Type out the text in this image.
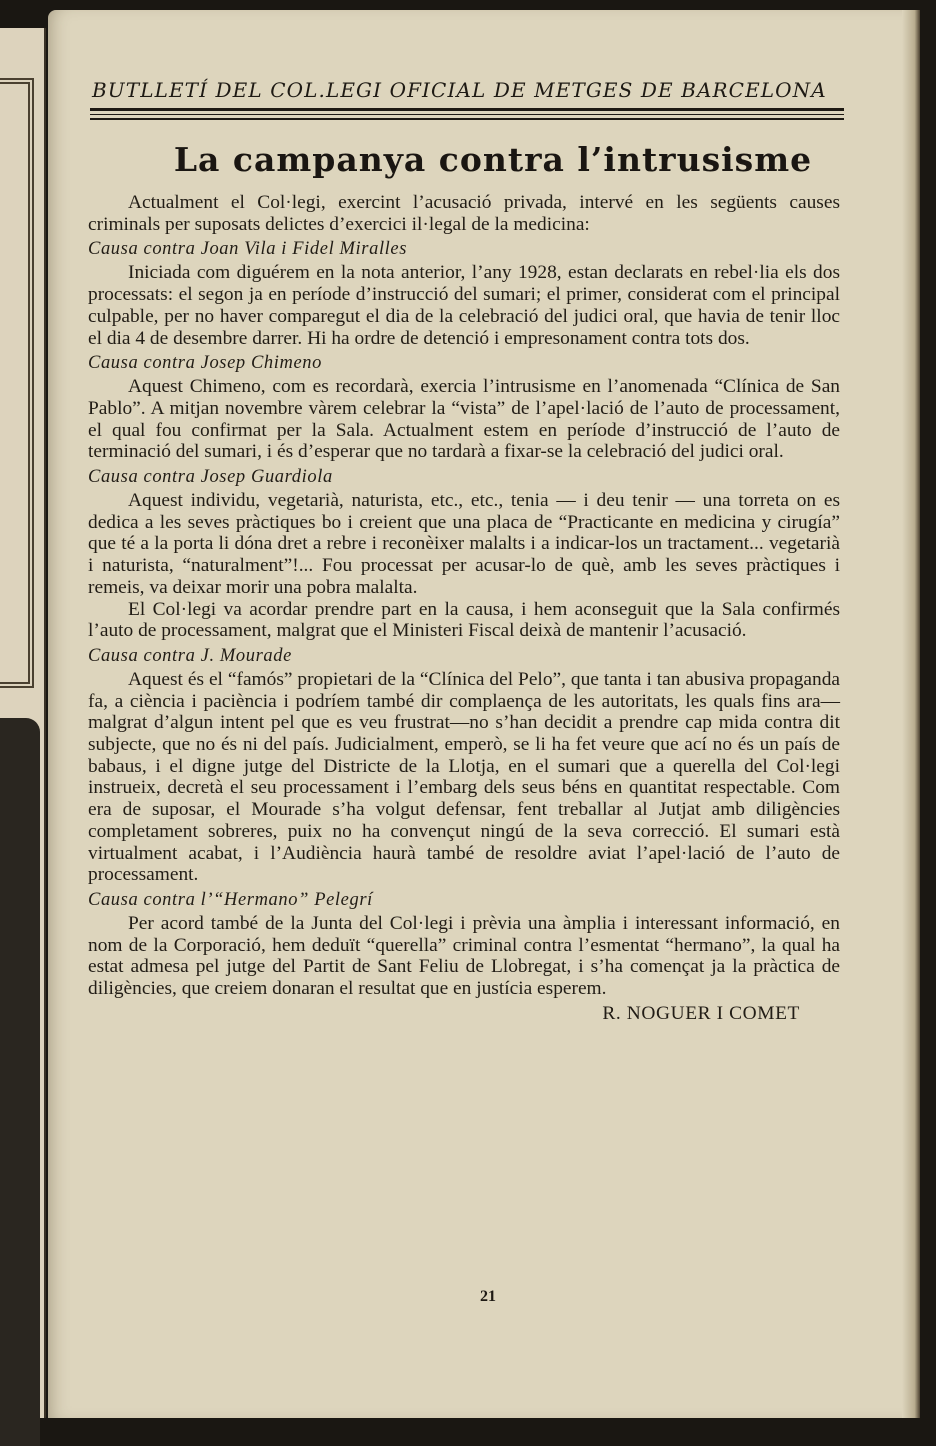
BUTLLETÍ DEL COL.LEGI OFICIAL DE METGES DE BARCELONA
La campanya contra l’intrusisme

Actualment el Col·legi, exercint l’acusació privada, intervé en les següents causes criminals per suposats delictes d’exercici il·legal de la medicina:

Causa contra Joan Vila i Fidel Miralles

Iniciada com diguérem en la nota anterior, l’any 1928, estan declarats en rebel·lia els dos processats: el segon ja en període d’instrucció del sumari; el primer, considerat com el principal culpable, per no haver comparegut el dia de la celebració del judici oral, que havia de tenir lloc el dia 4 de desembre darrer. Hi ha ordre de detenció i empresonament contra tots dos.

Causa contra Josep Chimeno

Aquest Chimeno, com es recordarà, exercia l’intrusisme en l’anomenada “Clínica de San Pablo”. A mitjan novembre vàrem celebrar la “vista” de l’apel·lació de l’auto de processament, el qual fou confirmat per la Sala. Actualment estem en període d’instrucció de l’auto de terminació del sumari, i és d’esperar que no tardarà a fixar-se la celebració del judici oral.

Causa contra Josep Guardiola

Aquest individu, vegetarià, naturista, etc., etc., tenia — i deu tenir — una torreta on es dedica a les seves pràctiques bo i creient que una placa de “Practicante en medicina y cirugía” que té a la porta li dóna dret a rebre i reconèixer malalts i a indicar-los un tractament... vegetarià i naturista, “naturalment”!... Fou processat per acusar-lo de què, amb les seves pràctiques i remeis, va deixar morir una pobra malalta.

El Col·legi va acordar prendre part en la causa, i hem aconseguit que la Sala confirmés l’auto de processament, malgrat que el Ministeri Fiscal deixà de mantenir l’acusació.

Causa contra J. Mourade

Aquest és el “famós” propietari de la “Clínica del Pelo”, que tanta i tan abusiva propaganda fa, a ciència i paciència i podríem també dir complaença de les autoritats, les quals fins ara—malgrat d’algun intent pel que es veu frustrat—no s’han decidit a prendre cap mida contra dit subjecte, que no és ni del país. Judicialment, emperò, se li ha fet veure que ací no és un país de babaus, i el digne jutge del Districte de la Llotja, en el sumari que a querella del Col·legi instrueix, decretà el seu processament i l’embarg dels seus béns en quantitat respectable. Com era de suposar, el Mourade s’ha volgut defensar, fent treballar al Jutjat amb diligències completament sobreres, puix no ha convençut ningú de la seva correcció. El sumari està virtualment acabat, i l’Audiència haurà també de resoldre aviat l’apel·lació de l’auto de processament.

Causa contra l’“Hermano” Pelegrí

Per acord també de la Junta del Col·legi i prèvia una àmplia i interessant informació, en nom de la Corporació, hem deduït “querella” criminal contra l’esmentat “hermano”, la qual ha estat admesa pel jutge del Partit de Sant Feliu de Llobregat, i s’ha començat ja la pràctica de diligències, que creiem donaran el resultat que en justícia esperem.

R. NOGUER I COMET
21
